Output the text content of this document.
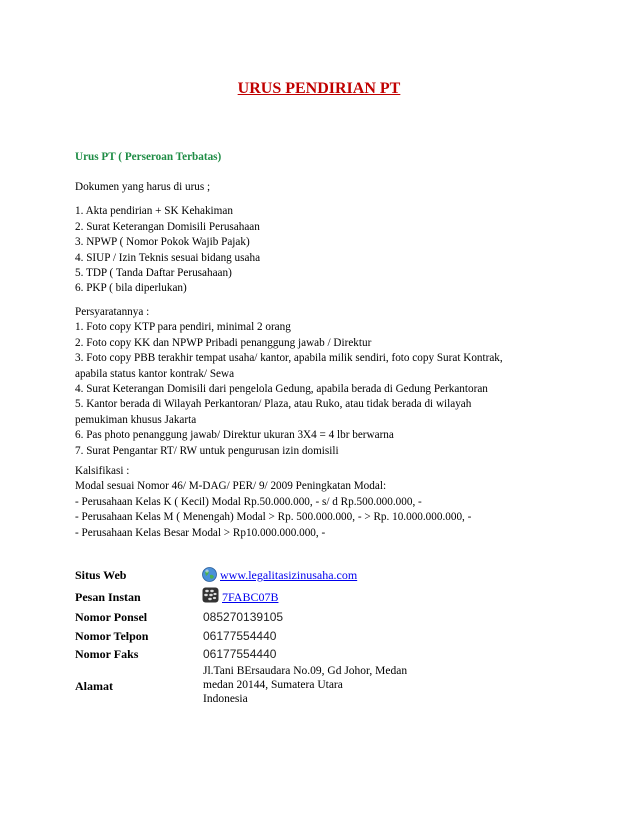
URUS PENDIRIAN PT
Urus PT ( Perseroan Terbatas)
Dokumen yang harus di urus ;
1. Akta pendirian + SK Kehakiman
2. Surat Keterangan Domisili Perusahaan
3. NPWP ( Nomor Pokok Wajib Pajak)
4. SIUP / Izin Teknis sesuai bidang usaha
5. TDP ( Tanda Daftar Perusahaan)
6. PKP ( bila diperlukan)
Persyaratannya :
1. Foto copy KTP para pendiri, minimal 2 orang
2. Foto copy KK dan NPWP Pribadi penanggung jawab / Direktur
3. Foto copy PBB terakhir tempat usaha/ kantor, apabila milik sendiri, foto copy Surat Kontrak,
apabila status kantor kontrak/ Sewa
4. Surat Keterangan Domisili dari pengelola Gedung, apabila berada di Gedung Perkantoran
5. Kantor berada di Wilayah Perkantoran/ Plaza, atau Ruko, atau tidak berada di wilayah
pemukiman khusus Jakarta
6. Pas photo penanggung jawab/ Direktur ukuran 3X4 = 4 lbr berwarna
7. Surat Pengantar RT/ RW untuk pengurusan izin domisili
Kalsifikasi :
Modal sesuai Nomor 46/ M-DAG/ PER/ 9/ 2009 Peningkatan Modal:
- Perusahaan Kelas K ( Kecil) Modal Rp.50.000.000, - s/ d Rp.500.000.000, -
- Perusahaan Kelas M ( Menengah) Modal > Rp. 500.000.000, - > Rp. 10.000.000.000, -
- Perusahaan Kelas Besar Modal > Rp10.000.000.000, -
Situs Web	www.legalitasizinusaha.com
Pesan Instan	7FABC07B
Nomor Ponsel	085270139105
Nomor Telpon	06177554440
Nomor Faks	06177554440
Alamat
Jl.Tani BErsaudara No.09, Gd Johor, Medan
medan 20144, Sumatera Utara
Indonesia
